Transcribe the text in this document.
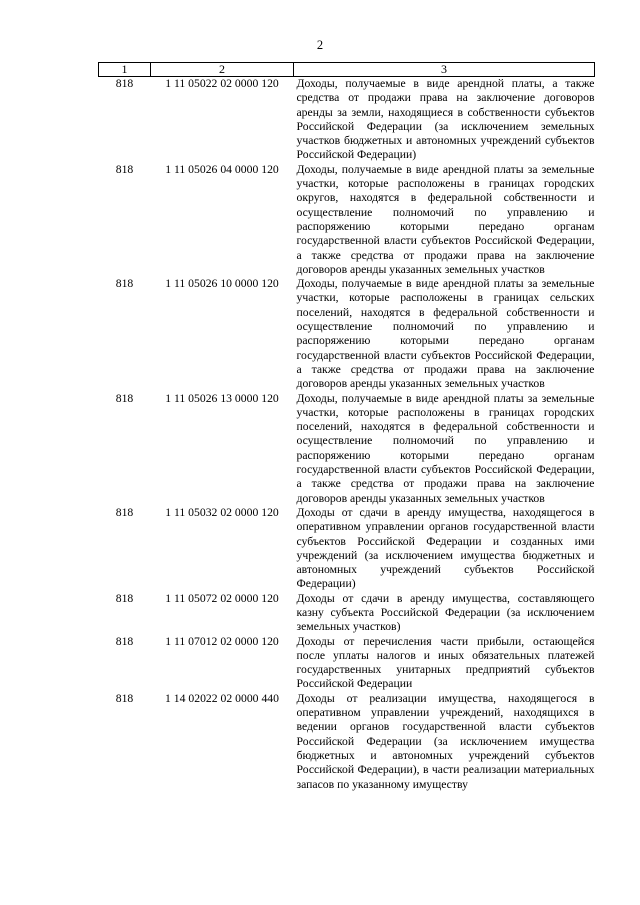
2
1	2	3
818	1 11 05022 02 0000 120	Доходы, получаемые в виде арендной платы, а также средства от продажи права на заключение договоров аренды за земли, находящиеся в собственности субъектов Российской Федерации (за исключением земельных участков бюджетных и автономных учреждений субъектов Российской Федерации)
818	1 11 05026 04 0000 120	Доходы, получаемые в виде арендной платы за земельные участки, которые расположены в границах городских округов, находятся в федеральной собственности и осуществление полномочий по управлению и распоряжению которыми передано органам государственной власти субъектов Российской Федерации, а также средства от продажи права на заключение договоров аренды указанных земельных участков
818	1 11 05026 10 0000 120	Доходы, получаемые в виде арендной платы за земельные участки, которые расположены в границах сельских поселений, находятся в федеральной собственности и осуществление полномочий по управлению и распоряжению которыми передано органам государственной власти субъектов Российской Федерации, а также средства от продажи права на заключение договоров аренды указанных земельных участков
818	1 11 05026 13 0000 120	Доходы, получаемые в виде арендной платы за земельные участки, которые расположены в границах городских поселений, находятся в федеральной собственности и осуществление полномочий по управлению и распоряжению которыми передано органам государственной власти субъектов Российской Федерации, а также средства от продажи права на заключение договоров аренды указанных земельных участков
818	1 11 05032 02 0000 120	Доходы от сдачи в аренду имущества, находящегося в оперативном управлении органов государственной власти субъектов Российской Федерации и созданных ими учреждений (за исключением имущества бюджетных и автономных учреждений субъектов Российской Федерации)
818	1 11 05072 02 0000 120	Доходы от сдачи в аренду имущества, составляющего казну субъекта Российской Федерации (за исключением земельных участков)
818	1 11 07012 02 0000 120	Доходы от перечисления части прибыли, остающейся после уплаты налогов и иных обязательных платежей государственных унитарных предприятий субъектов Российской Федерации
818	1 14 02022 02 0000 440	Доходы от реализации имущества, находящегося в оперативном управлении учреждений, находящихся в ведении органов государственной власти субъектов Российской Федерации (за исключением имущества бюджетных и автономных учреждений субъектов Российской Федерации), в части реализации материальных запасов по указанному имуществу
